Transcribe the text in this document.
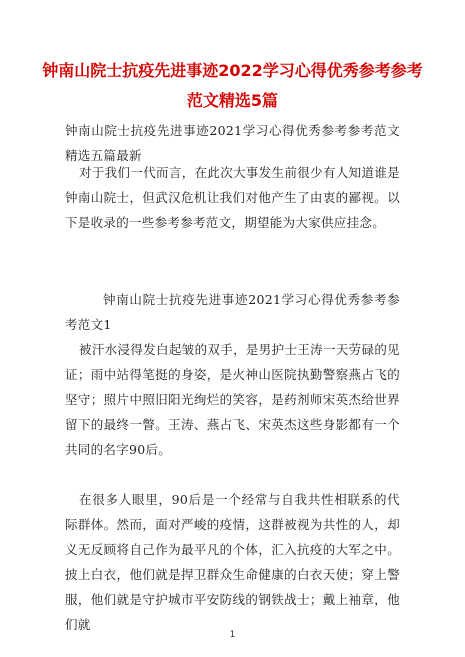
钟南山院士抗疫先进事迹2022学习心得优秀参考参考范文精选5篇

钟南山院士抗疫先进事迹2021学习心得优秀参考参考范文精选五篇最新

对于我们一代而言，在此次大事发生前很少有人知道谁是钟南山院士，但武汉危机让我们对他产生了由衷的鄙视。以下是收录的一些参考参考范文，期望能为大家供应挂念。

钟南山院士抗疫先进事迹2021学习心得优秀参考参考范文1

被汗水浸得发白起皱的双手，是男护士王涛一天劳碌的见证；雨中站得笔挺的身姿，是火神山医院执勤警察燕占飞的坚守；照片中照旧阳光绚烂的笑容，是药剂师宋英杰给世界留下的最终一瞥。王涛、燕占飞、宋英杰这些身影都有一个共同的名字90后。

在很多人眼里，90后是一个经常与自我共性相联系的代际群体。然而，面对严峻的疫情，这群被视为共性的人，却义无反顾将自己作为最平凡的个体，汇入抗疫的大军之中。披上白衣，他们就是捍卫群众生命健康的白衣天使；穿上警服，他们就是守护城市平安防线的钢铁战士；戴上袖章，他们就

1
